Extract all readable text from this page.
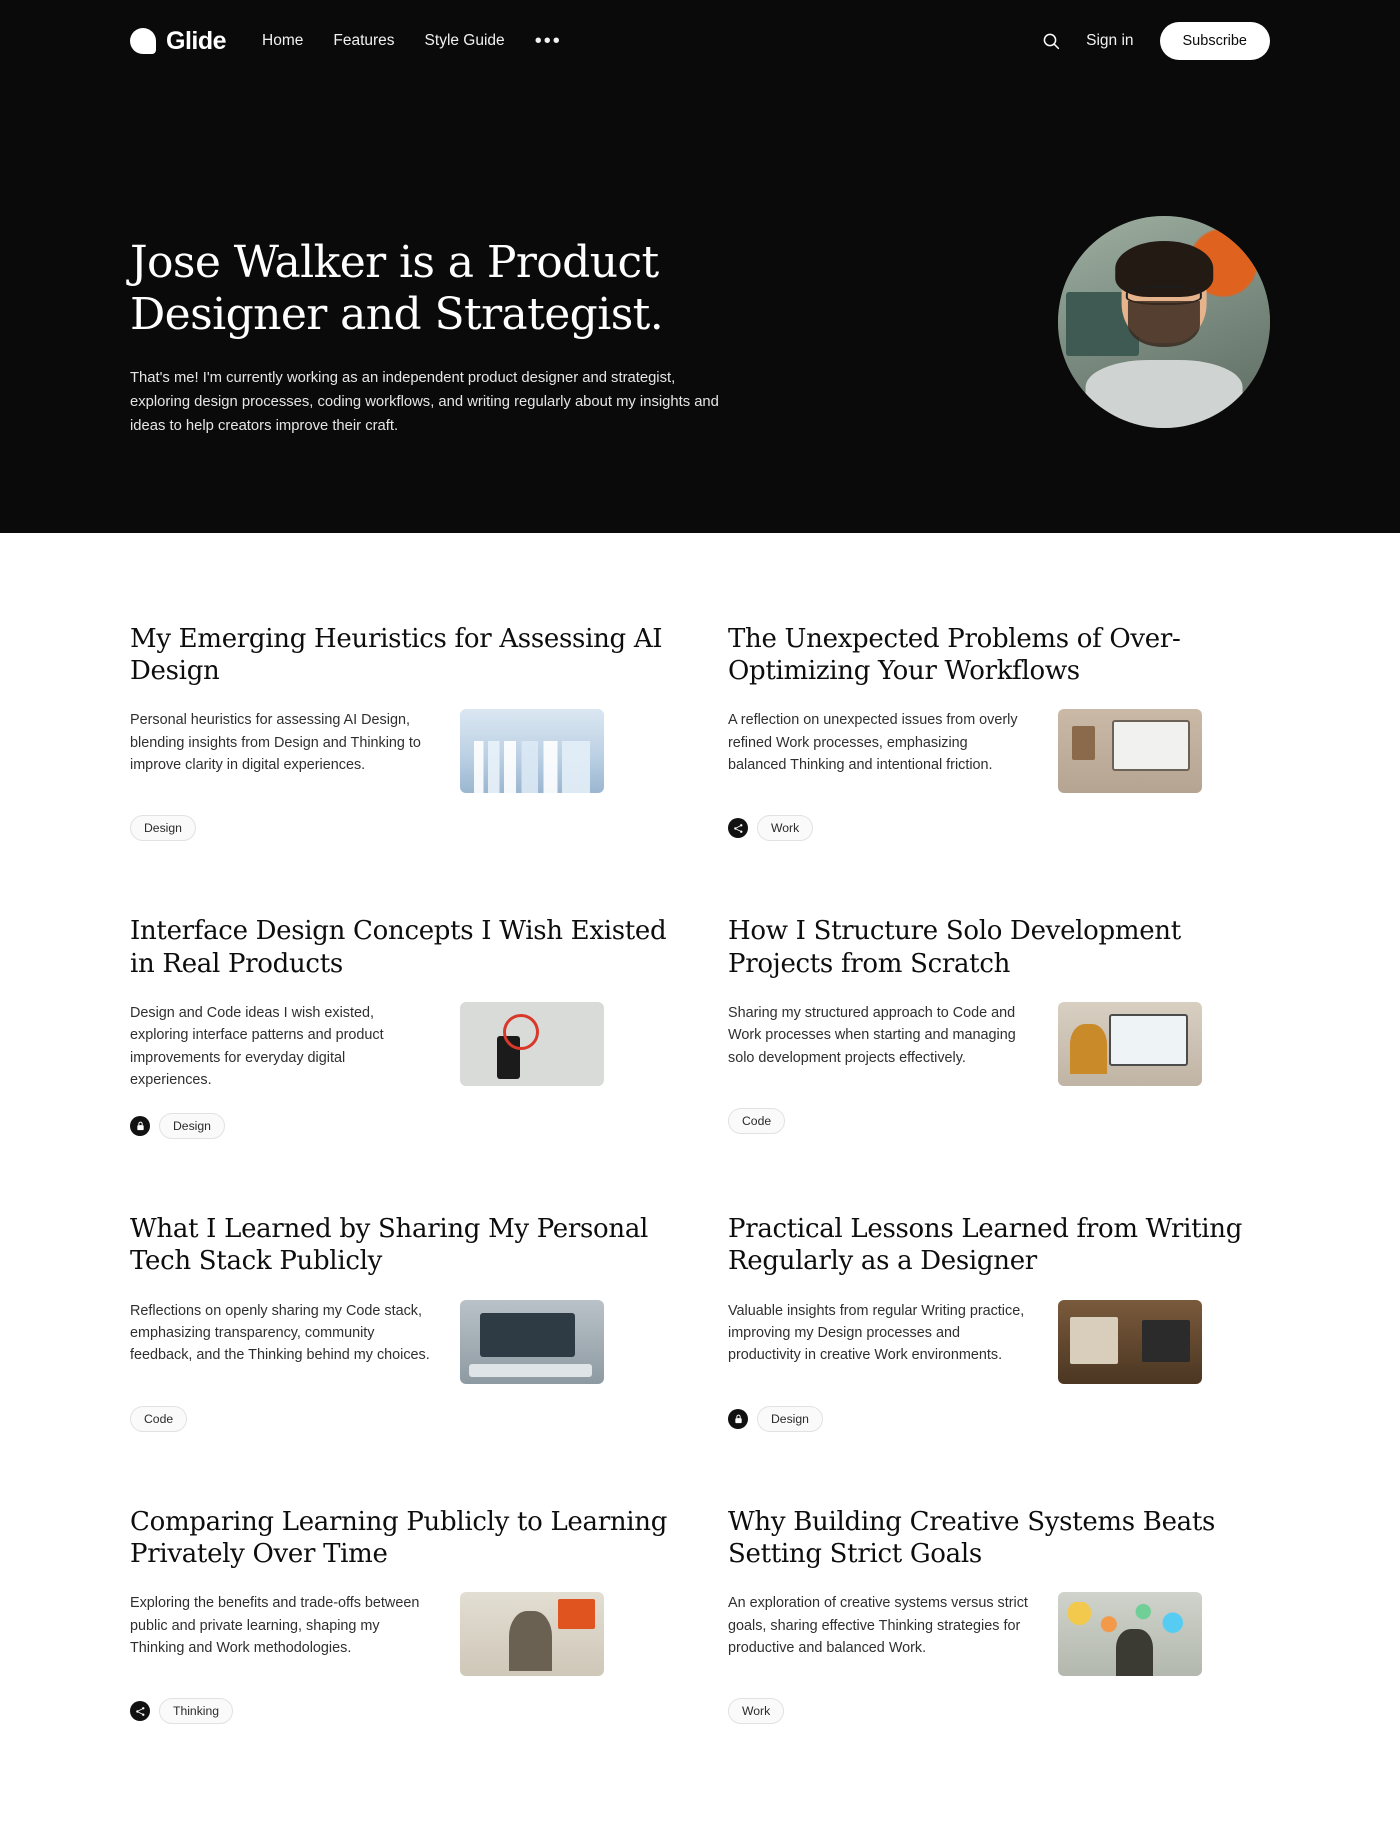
Glide Home Features Style Guide •••	Sign in	Subscribe
Jose Walker is a Product Designer and Strategist.

That's me! I'm currently working as an independent product designer and strategist, exploring design processes, coding workflows, and writing regularly about my insights and ideas to help creators improve their craft.

My Emerging Heuristics for Assessing AI Design

Personal heuristics for assessing AI Design, blending insights from Design and Thinking to improve clarity in digital experiences.

Design
The Unexpected Problems of Over-Optimizing Your Workflows

A reflection on unexpected issues from overly refined Work processes, emphasizing balanced Thinking and intentional friction.

Work
Interface Design Concepts I Wish Existed in Real Products

Design and Code ideas I wish existed, exploring interface patterns and product improvements for everyday digital experiences.

Design
How I Structure Solo Development Projects from Scratch

Sharing my structured approach to Code and Work processes when starting and managing solo development projects effectively.

Code
What I Learned by Sharing My Personal Tech Stack Publicly

Reflections on openly sharing my Code stack, emphasizing transparency, community feedback, and the Thinking behind my choices.

Code
Practical Lessons Learned from Writing Regularly as a Designer

Valuable insights from regular Writing practice, improving my Design processes and productivity in creative Work environments.

Design
Comparing Learning Publicly to Learning Privately Over Time

Exploring the benefits and trade-offs between public and private learning, shaping my Thinking and Work methodologies.

Thinking
Why Building Creative Systems Beats Setting Strict Goals

An exploration of creative systems versus strict goals, sharing effective Thinking strategies for productive and balanced Work.

Work
